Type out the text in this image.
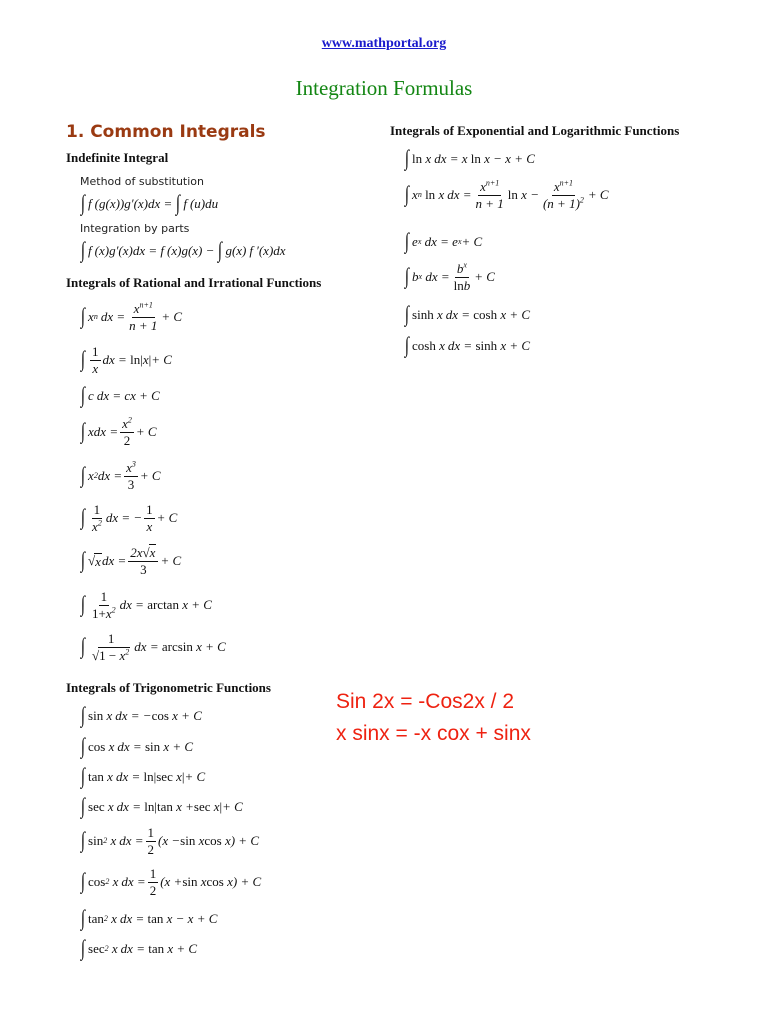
www.mathportal.org
Integration Formulas
1. Common Integrals
Indefinite Integral
Method of substitution
∫ f (g(x))g′(x)dx = ∫ f (u)du
Integration by parts
∫ f (x)g′(x)dx = f (x)g(x) − ∫ g(x) f ′(x)dx
Integrals of Rational and Irrational Functions
∫ x n dx = $\frac{x^{n+1}}{n + 1} + C$
∫ $\frac{1}{x}$ dx = ln | x | + C
∫ c dx = cx + C
∫ xdx = $\frac{x^2}{2} + C$
∫ x 2 dx = $\frac{x^3}{3} + C$
∫ $\frac{1}{x^2}$ dx = − $\frac{1}{x} + C$
∫ √ x dx = $\frac{2x√x}{3} + C$
∫ $\frac{1}{1+x^2}$ dx = arctan x + C
∫ $\frac{1}{√1 - x^2}$ dx = arcsin x + C
Integrals of Trigonometric Functions
∫ sin x dx = − cos x + C
∫ cos x dx = sin x + C
∫ tan x dx = ln | sec x | + C
∫ sec x dx = ln | tan x + sec x | + C
∫ sin 2 x dx = $\frac{1}{2} (x - \sin x$ cos x) + C
∫ cos 2 x dx = $\frac{1}{2} (x + \sin x$ cos x) + C
∫ tan 2 x dx = tan x − x + C
∫ sec 2 x dx = tan x + C
Integrals of Exponential and Logarithmic Functions
∫ ln x dx = x ln x − x + C
∫ x n
ln x dx = $\frac{x^{n+1}}{n + 1}$ $\ln x - \frac{x^{n+1}}{(n + 1)^2} + C$
∫ e x dx = e x + C
∫ b x dx = $\frac{b^x}{\ln b} + C$
∫ sinh x dx = cosh x + C
∫ cosh x dx = sinh x + C
Sin 2x = -Cos2x / 2
x sinx = -x cox + sinx
